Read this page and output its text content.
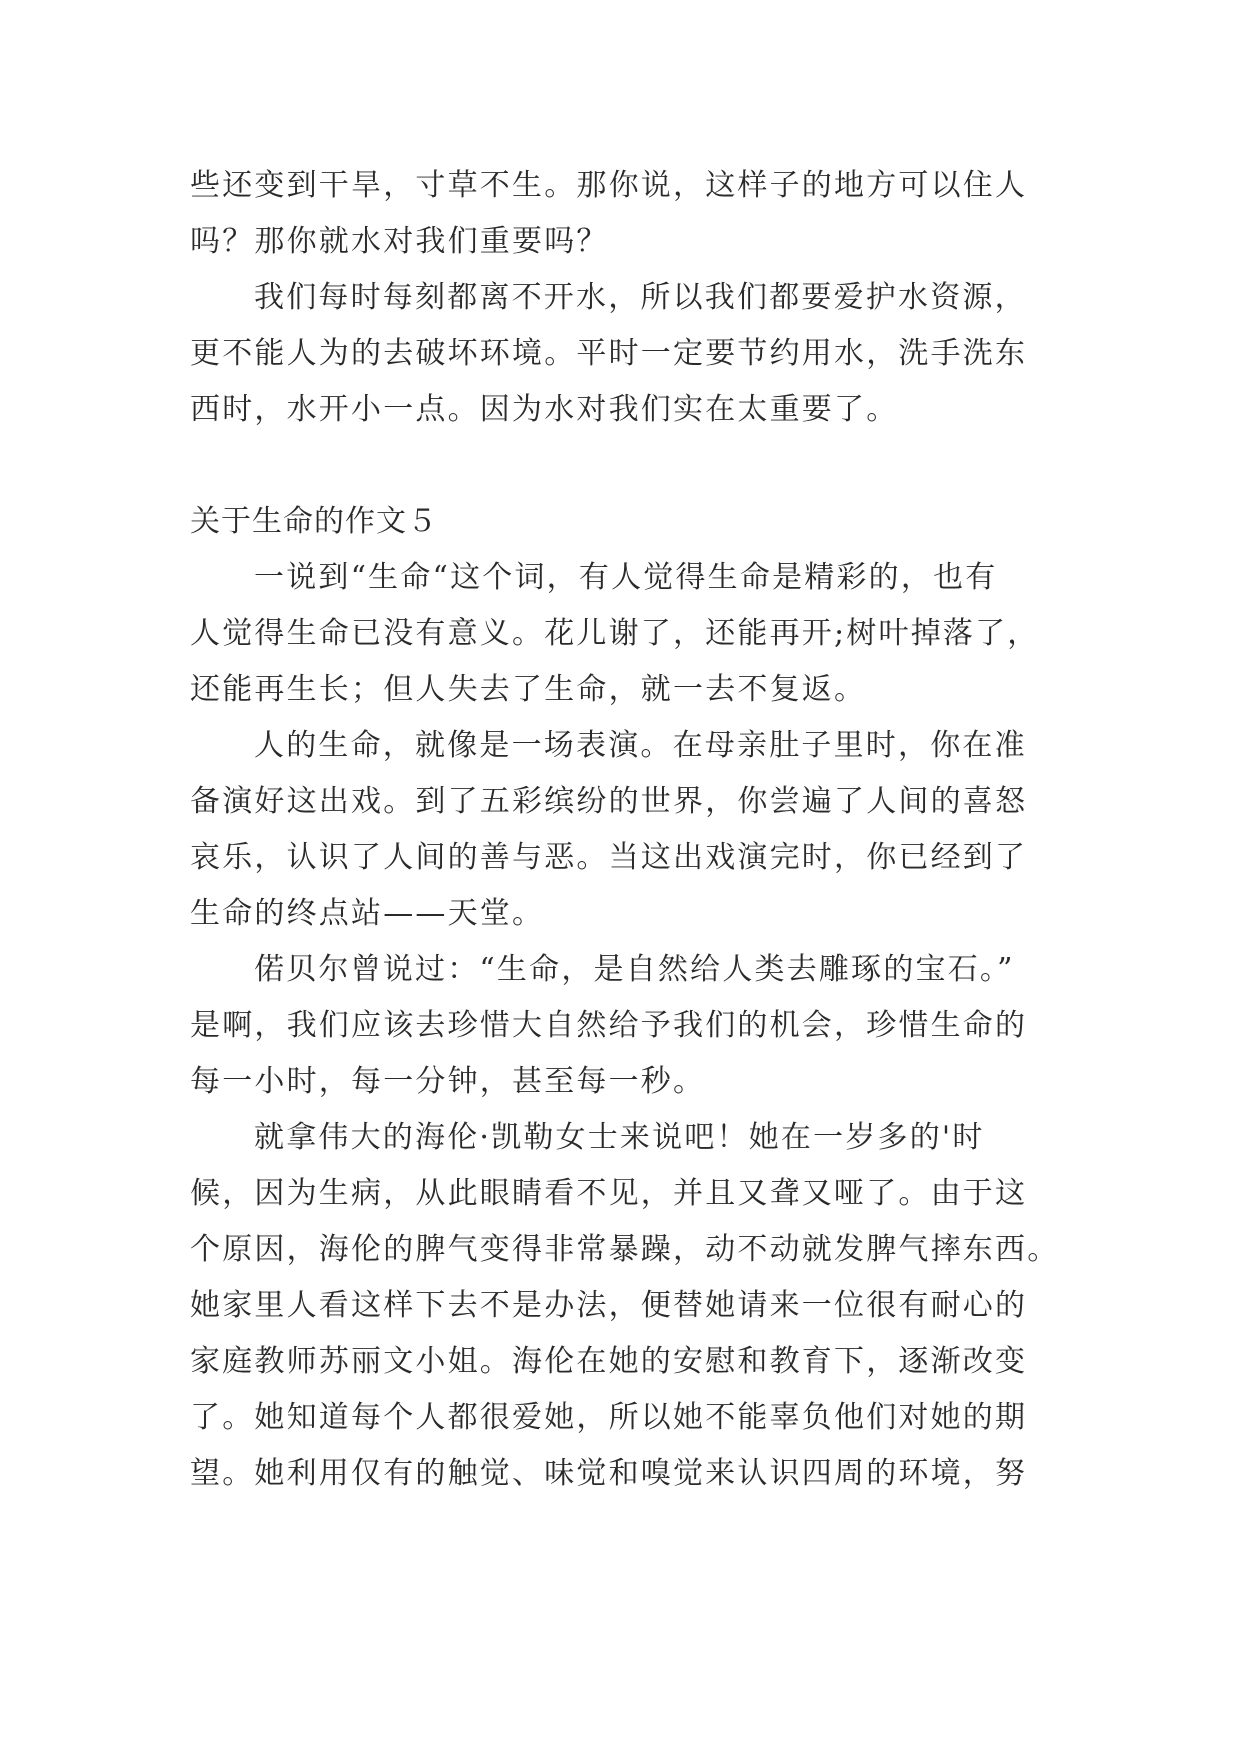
些还变到干旱，寸草不生。那你说，这样子的地方可以住人
吗？那你就水对我们重要吗？
我们每时每刻都离不开水，所以我们都要爱护水资源，
更不能人为的去破坏环境。平时一定要节约用水，洗手洗东
西时，水开小一点。因为水对我们实在太重要了。
关于生命的作文５
一说到“生命“这个词，有人觉得生命是精彩的，也有
人觉得生命已没有意义。花儿谢了，还能再开;树叶掉落了，
还能再生长；但人失去了生命，就一去不复返。
人的生命，就像是一场表演。在母亲肚子里时，你在准
备演好这出戏。到了五彩缤纷的世界，你尝遍了人间的喜怒
哀乐，认识了人间的善与恶。当这出戏演完时，你已经到了
生命的终点站——天堂。
偌贝尔曾说过：“生命，是自然给人类去雕琢的宝石。”
是啊，我们应该去珍惜大自然给予我们的机会，珍惜生命的
每一小时，每一分钟，甚至每一秒。
就拿伟大的海伦·凯勒女士来说吧！她在一岁多的'时
候，因为生病，从此眼睛看不见，并且又聋又哑了。由于这
个原因，海伦的脾气变得非常暴躁，动不动就发脾气摔东西。
她家里人看这样下去不是办法，便替她请来一位很有耐心的
家庭教师苏丽文小姐。海伦在她的安慰和教育下，逐渐改变
了。她知道每个人都很爱她，所以她不能辜负他们对她的期
望。她利用仅有的触觉、味觉和嗅觉来认识四周的环境，努
